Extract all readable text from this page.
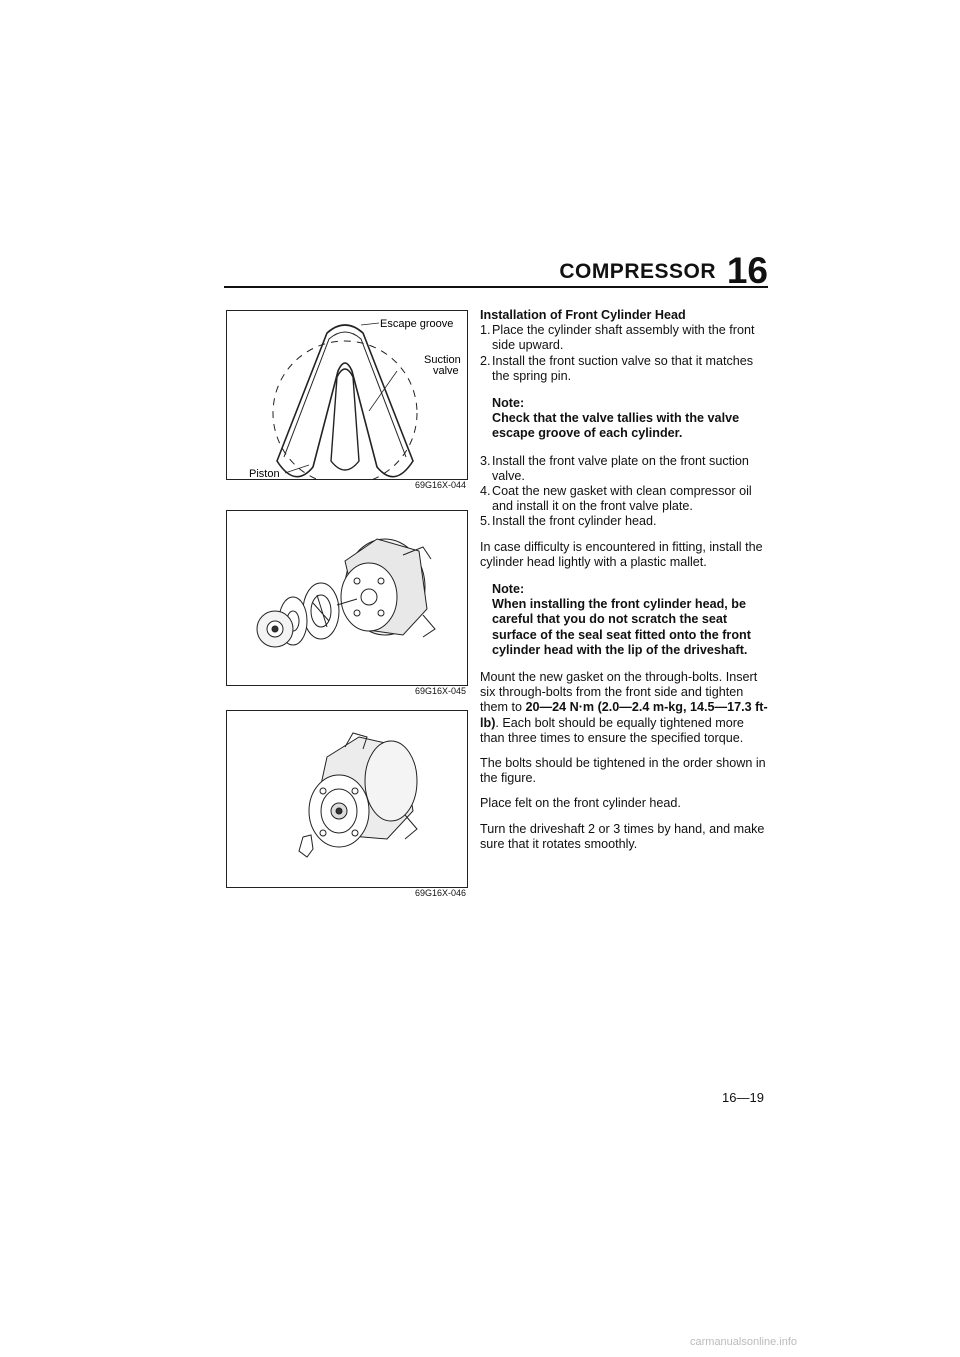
COMPRESSOR 16
Escape groove
Suction
valve
Piston
69G16X-044
69G16X-045
69G16X-046

Installation of Front Cylinder Head

1. Place the cylinder shaft assembly with the front side upward.
2. Install the front suction valve so that it matches the spring pin.
Note:
Check that the valve tallies with the valve escape groove of each cylinder.
3. Install the front valve plate on the front suction valve.
4. Coat the new gasket with clean compressor oil and install it on the front valve plate.
5. Install the front cylinder head.

In case difficulty is encountered in fitting, install the cylinder head lightly with a plastic mallet.

Note:
When installing the front cylinder head, be careful that you do not scratch the seat surface of the seal seat fitted onto the front cylinder head with the lip of the driveshaft.

Mount the new gasket on the through-bolts. Insert six through-bolts from the front side and tighten them to 20—24 N·m (2.0—2.4 m-kg, 14.5—17.3 ft-lb). Each bolt should be equally tightened more than three times to ensure the specified torque.

The bolts should be tightened in the order shown in the figure.

Place felt on the front cylinder head.

Turn the driveshaft 2 or 3 times by hand, and make sure that it rotates smoothly.

16—19
carmanualsonline.info
